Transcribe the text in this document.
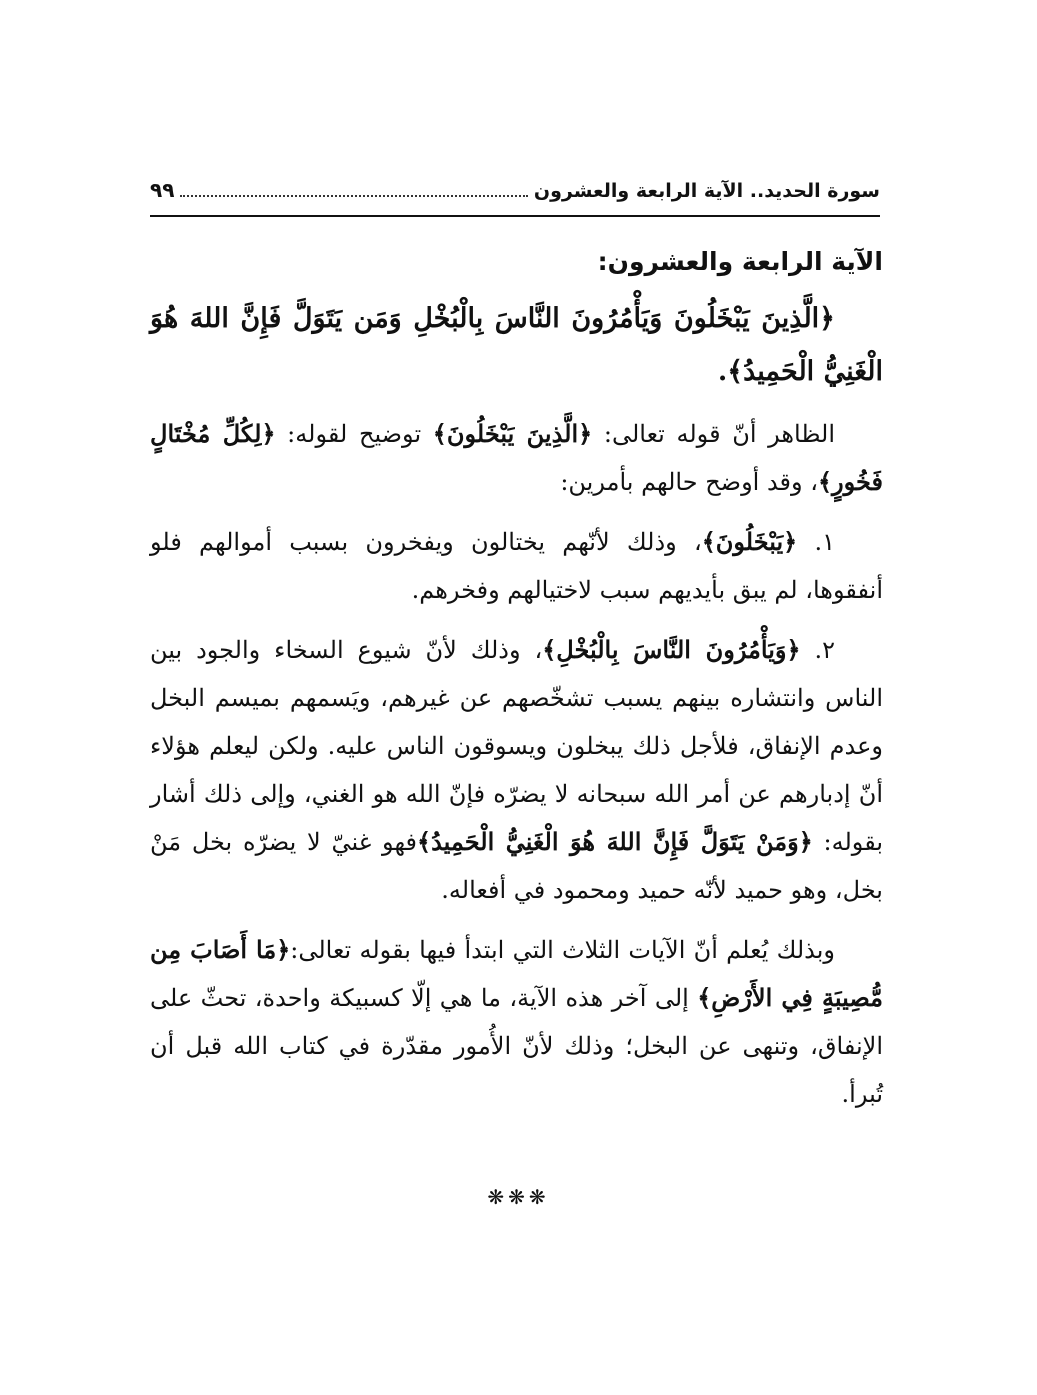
سورة الحديد.. الآية الرابعة والعشرون
٩٩

الآية الرابعة والعشرون:

﴿الَّذِينَ يَبْخَلُونَ وَيَأْمُرُونَ النَّاسَ بِالْبُخْلِ وَمَن يَتَوَلَّ فَإِنَّ اللهَ هُوَ الْغَنِيُّ الْحَمِيدُ﴾.

الظاهر أنّ قوله تعالى: ﴿الَّذِينَ يَبْخَلُونَ﴾ توضيح لقوله: ﴿لِكُلِّ مُخْتَالٍ فَخُورٍ﴾، وقد أوضح حالهم بأمرين:

١. ﴿يَبْخَلُونَ﴾، وذلك لأنّهم يختالون ويفخرون بسبب أموالهم فلو أنفقوها، لم يبق بأيديهم سبب لاختيالهم وفخرهم.

٢. ﴿وَيَأْمُرُونَ النَّاسَ بِالْبُخْلِ﴾، وذلك لأنّ شيوع السخاء والجود بين الناس وانتشاره بينهم يسبب تشخّصهم عن غيرهم، ويَسمهم بميسم البخل وعدم الإنفاق، فلأجل ذلك يبخلون ويسوقون الناس عليه. ولكن ليعلم هؤلاء أنّ إدبارهم عن أمر الله سبحانه لا يضرّه فإنّ الله هو الغني، وإلى ذلك أشار بقوله: ﴿وَمَنْ يَتَوَلَّ فَإِنَّ اللهَ هُوَ الْغَنِيُّ الْحَمِيدُ﴾فهو غنيّ لا يضرّه بخل مَنْ بخل، وهو حميد لأنّه حميد ومحمود في أفعاله.

وبذلك يُعلم أنّ الآيات الثلاث التي ابتدأ فيها بقوله تعالى:﴿مَا أَصَابَ مِن مُّصِيبَةٍ فِي الأَرْضِ﴾ إلى آخر هذه الآية، ما هي إلّا كسبيكة واحدة، تحثّ على الإنفاق، وتنهى عن البخل؛ وذلك لأنّ الأُمور مقدّرة في كتاب الله قبل أن تُبرأ.

❋❋❋
